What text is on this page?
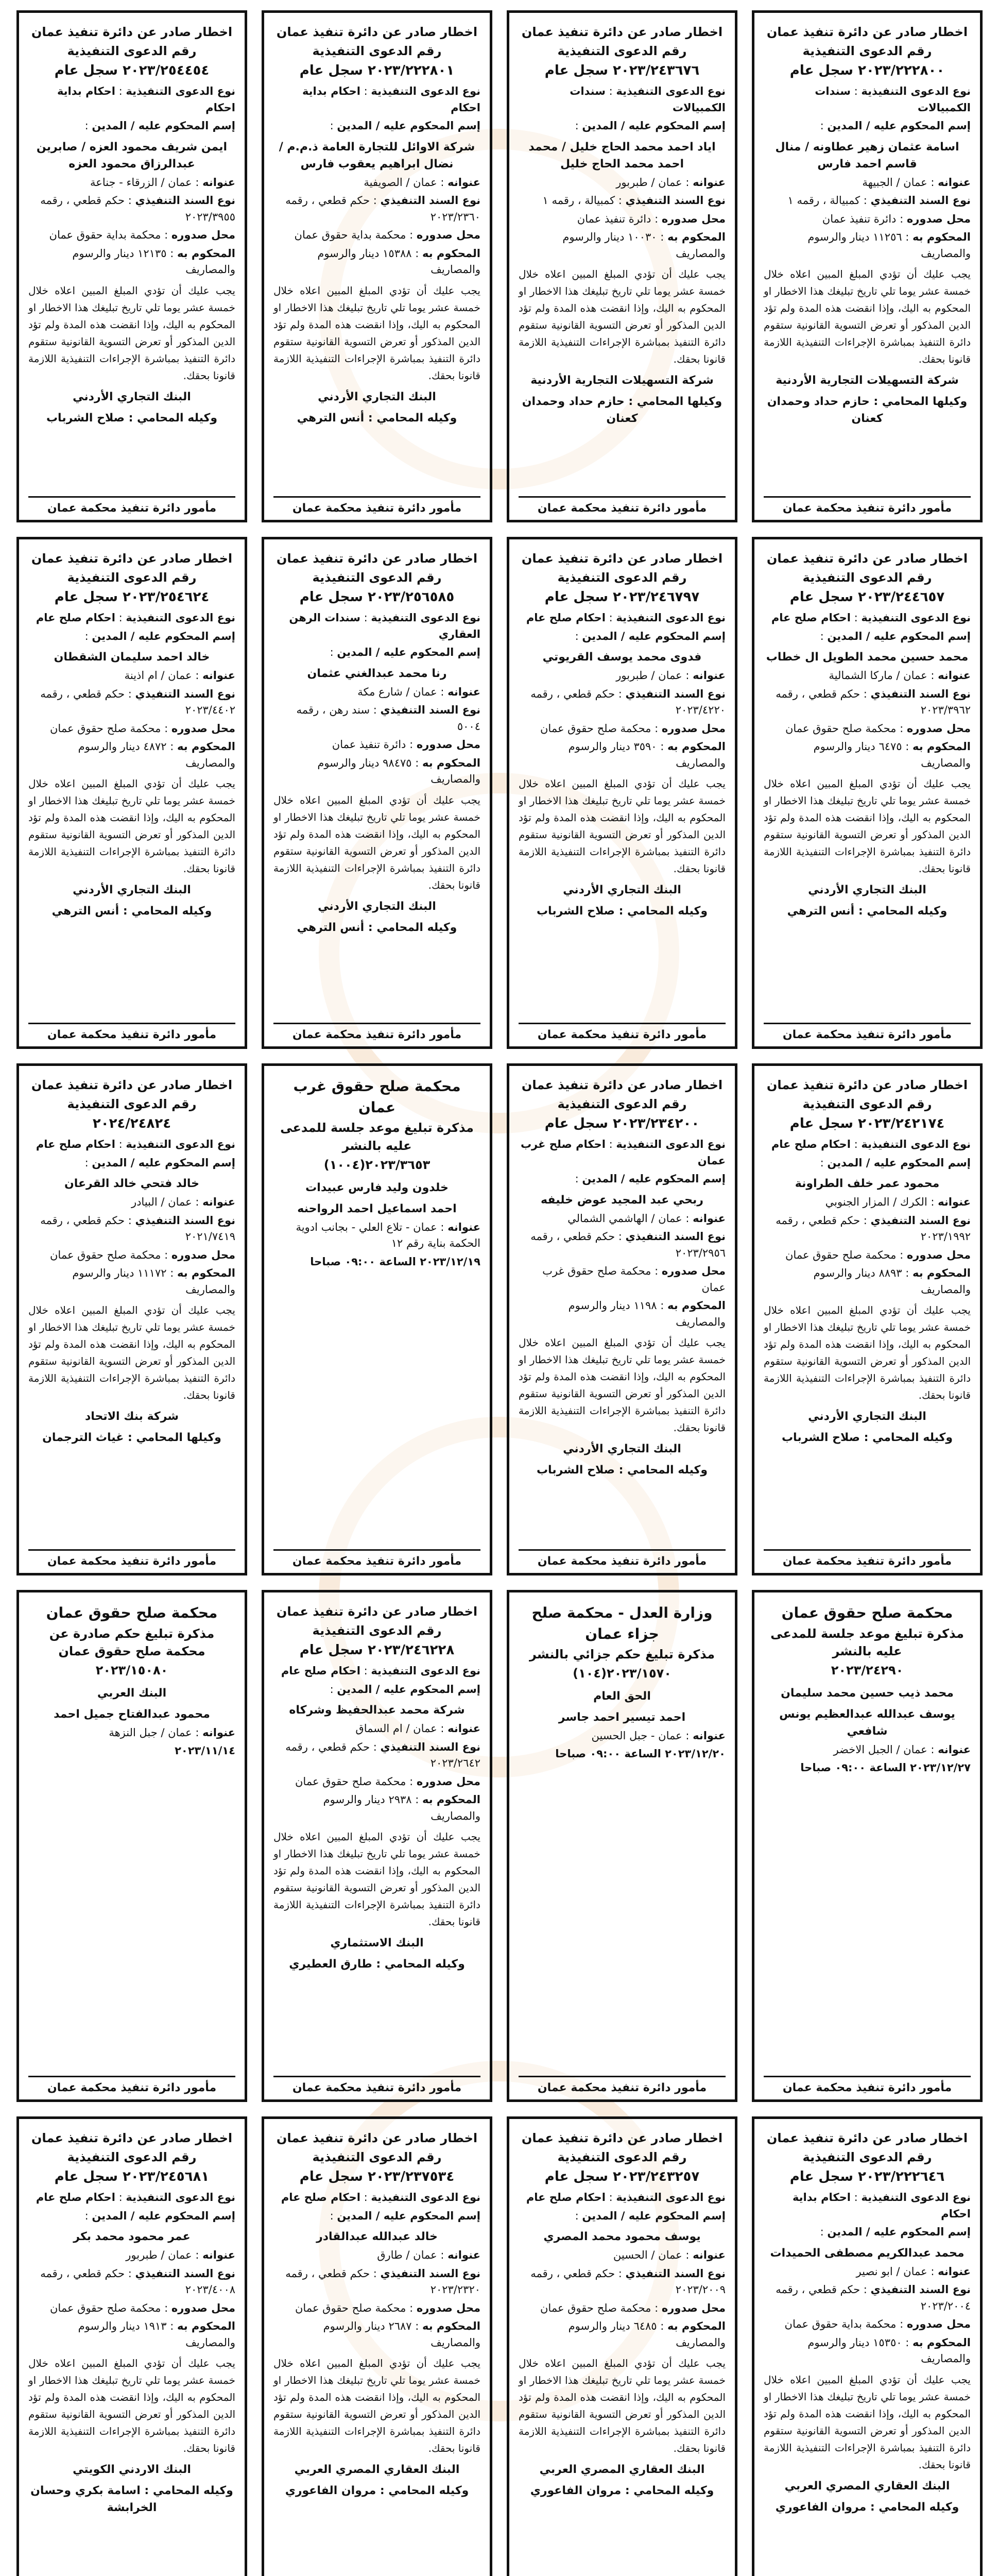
اخطار صادر عن دائرة تنفيذ عمان
رقم الدعوى التنفيذية
٢٠٢٣/٢٢٢٨٠٠ سجل عام
نوع الدعوى التنفيذية : سندات الكمبيالات
إسم المحكوم عليه / المدين :
اسامة عثمان زهير عطاونه / منال قاسم احمد فارس
عنوانه : عمان / الجبيهة
نوع السند التنفيذي : كمبيالة ، رقمه ١
محل صدوره : دائرة تنفيذ عمان
المحكوم به : ١١٢٥٦ دينار والرسوم والمصاريف
يجب عليك أن تؤدي المبلغ المبين اعلاه خلال خمسة عشر يوما تلي تاريخ تبليغك هذا الاخطار او المحكوم به اليك، وإذا انقضت هذه المدة ولم تؤد الدين المذكور أو تعرض التسوية القانونية ستقوم دائرة التنفيذ بمباشرة الإجراءات التنفيذية اللازمة قانونا بحقك.
شركة التسهيلات التجارية الأردنية
وكيلها المحامي : حازم حداد وحمدان كعنان
مأمور دائرة تنفيذ محكمة عمان
اخطار صادر عن دائرة تنفيذ عمان
رقم الدعوى التنفيذية
٢٠٢٣/٢٤٣٦٧٦ سجل عام
نوع الدعوى التنفيذية : سندات الكمبيالات
إسم المحكوم عليه / المدين :
اياد احمد محمد الحاج خليل / محمد احمد محمد الحاج خليل
عنوانه : عمان / طبربور
نوع السند التنفيذي : كمبيالة ، رقمه ١
محل صدوره : دائرة تنفيذ عمان
المحكوم به : ١٠٠٣٠ دينار والرسوم والمصاريف
يجب عليك أن تؤدي المبلغ المبين اعلاه خلال خمسة عشر يوما تلي تاريخ تبليغك هذا الاخطار او المحكوم به اليك، وإذا انقضت هذه المدة ولم تؤد الدين المذكور أو تعرض التسوية القانونية ستقوم دائرة التنفيذ بمباشرة الإجراءات التنفيذية اللازمة قانونا بحقك.
شركة التسهيلات التجارية الأردنية
وكيلها المحامي : حازم حداد وحمدان كعنان
مأمور دائرة تنفيذ محكمة عمان
اخطار صادر عن دائرة تنفيذ عمان
رقم الدعوى التنفيذية
٢٠٢٣/٢٢٢٨٠١ سجل عام
نوع الدعوى التنفيذية : احكام بداية احكام
إسم المحكوم عليه / المدين :
شركة الاوائل للتجارة العامة ذ.م.م / نضال ابراهيم يعقوب فارس
عنوانه : عمان / الصويفية
نوع السند التنفيذي : حكم قطعي ، رقمه ٢٠٢٣/٢٣٦٠
محل صدوره : محكمة بداية حقوق عمان
المحكوم به : ١٥٣٨٨ دينار والرسوم والمصاريف
يجب عليك أن تؤدي المبلغ المبين اعلاه خلال خمسة عشر يوما تلي تاريخ تبليغك هذا الاخطار او المحكوم به اليك، وإذا انقضت هذه المدة ولم تؤد الدين المذكور أو تعرض التسوية القانونية ستقوم دائرة التنفيذ بمباشرة الإجراءات التنفيذية اللازمة قانونا بحقك.
البنك التجاري الأردني
وكيله المحامي : أنس الترهي
مأمور دائرة تنفيذ محكمة عمان
اخطار صادر عن دائرة تنفيذ عمان
رقم الدعوى التنفيذية
٢٠٢٣/٢٥٤٤٥٤ سجل عام
نوع الدعوى التنفيذية : احكام بداية احكام
إسم المحكوم عليه / المدين :
ايمن شريف محمود العزه / صابرين عبدالرزاق محمود العزه
عنوانه : عمان / الزرقاء - جناعة
نوع السند التنفيذي : حكم قطعي ، رقمه ٢٠٢٣/٣٩٥٥
محل صدوره : محكمة بداية حقوق عمان
المحكوم به : ١٢١٣٥ دينار والرسوم والمصاريف
يجب عليك أن تؤدي المبلغ المبين اعلاه خلال خمسة عشر يوما تلي تاريخ تبليغك هذا الاخطار او المحكوم به اليك، وإذا انقضت هذه المدة ولم تؤد الدين المذكور أو تعرض التسوية القانونية ستقوم دائرة التنفيذ بمباشرة الإجراءات التنفيذية اللازمة قانونا بحقك.
البنك التجاري الأردني
وكيله المحامي : صلاح الشرباب
مأمور دائرة تنفيذ محكمة عمان
اخطار صادر عن دائرة تنفيذ عمان
رقم الدعوى التنفيذية
٢٠٢٣/٢٤٤٦٥٧ سجل عام
نوع الدعوى التنفيذية : احكام صلح عام
إسم المحكوم عليه / المدين :
محمد حسين محمد الطويل ال خطاب
عنوانه : عمان / ماركا الشمالية
نوع السند التنفيذي : حكم قطعي ، رقمه ٢٠٢٣/٣٩٦٢
محل صدوره : محكمة صلح حقوق عمان
المحكوم به : ٦٤٧٥ دينار والرسوم والمصاريف
يجب عليك أن تؤدي المبلغ المبين اعلاه خلال خمسة عشر يوما تلي تاريخ تبليغك هذا الاخطار او المحكوم به اليك، وإذا انقضت هذه المدة ولم تؤد الدين المذكور أو تعرض التسوية القانونية ستقوم دائرة التنفيذ بمباشرة الإجراءات التنفيذية اللازمة قانونا بحقك.
البنك التجاري الأردني
وكيله المحامي : أنس الترهي
مأمور دائرة تنفيذ محكمة عمان
اخطار صادر عن دائرة تنفيذ عمان
رقم الدعوى التنفيذية
٢٠٢٣/٢٤٦٧٩٧ سجل عام
نوع الدعوى التنفيذية : احكام صلح عام
إسم المحكوم عليه / المدين :
فدوى محمد يوسف القريوتي
عنوانه : عمان / طبربور
نوع السند التنفيذي : حكم قطعي ، رقمه ٢٠٢٣/٤٢٢٠
محل صدوره : محكمة صلح حقوق عمان
المحكوم به : ٣٥٩٠ دينار والرسوم والمصاريف
يجب عليك أن تؤدي المبلغ المبين اعلاه خلال خمسة عشر يوما تلي تاريخ تبليغك هذا الاخطار او المحكوم به اليك، وإذا انقضت هذه المدة ولم تؤد الدين المذكور أو تعرض التسوية القانونية ستقوم دائرة التنفيذ بمباشرة الإجراءات التنفيذية اللازمة قانونا بحقك.
البنك التجاري الأردني
وكيله المحامي : صلاح الشرباب
مأمور دائرة تنفيذ محكمة عمان
اخطار صادر عن دائرة تنفيذ عمان
رقم الدعوى التنفيذية
٢٠٢٣/٢٥٦٥٨٥ سجل عام
نوع الدعوى التنفيذية : سندات الرهن العقاري
إسم المحكوم عليه / المدين :
رنا محمد عبدالغني عثمان
عنوانه : عمان / شارع مكة
نوع السند التنفيذي : سند رهن ، رقمه ٥٠٠٤
محل صدوره : دائرة تنفيذ عمان
المحكوم به : ٩٨٤٧٥ دينار والرسوم والمصاريف
يجب عليك أن تؤدي المبلغ المبين اعلاه خلال خمسة عشر يوما تلي تاريخ تبليغك هذا الاخطار او المحكوم به اليك، وإذا انقضت هذه المدة ولم تؤد الدين المذكور أو تعرض التسوية القانونية ستقوم دائرة التنفيذ بمباشرة الإجراءات التنفيذية اللازمة قانونا بحقك.
البنك التجاري الأردني
وكيله المحامي : أنس الترهي
مأمور دائرة تنفيذ محكمة عمان
اخطار صادر عن دائرة تنفيذ عمان
رقم الدعوى التنفيذية
٢٠٢٣/٢٥٤٦٢٤ سجل عام
نوع الدعوى التنفيذية : احكام صلح عام
إسم المحكوم عليه / المدين :
خالد احمد سليمان الشقطان
عنوانه : عمان / ام اذينة
نوع السند التنفيذي : حكم قطعي ، رقمه ٢٠٢٣/٤٤٠٢
محل صدوره : محكمة صلح حقوق عمان
المحكوم به : ٤٨٧٢ دينار والرسوم والمصاريف
يجب عليك أن تؤدي المبلغ المبين اعلاه خلال خمسة عشر يوما تلي تاريخ تبليغك هذا الاخطار او المحكوم به اليك، وإذا انقضت هذه المدة ولم تؤد الدين المذكور أو تعرض التسوية القانونية ستقوم دائرة التنفيذ بمباشرة الإجراءات التنفيذية اللازمة قانونا بحقك.
البنك التجاري الأردني
وكيله المحامي : أنس الترهي
مأمور دائرة تنفيذ محكمة عمان
اخطار صادر عن دائرة تنفيذ عمان
رقم الدعوى التنفيذية
٢٠٢٣/٢٤٢١٧٤ سجل عام
نوع الدعوى التنفيذية : احكام صلح عام
إسم المحكوم عليه / المدين :
محمود عمر خلف الطراونة
عنوانه : الكرك / المزار الجنوبي
نوع السند التنفيذي : حكم قطعي ، رقمه ٢٠٢٣/١٩٩٢
محل صدوره : محكمة صلح حقوق عمان
المحكوم به : ٨٨٩٣ دينار والرسوم والمصاريف
يجب عليك أن تؤدي المبلغ المبين اعلاه خلال خمسة عشر يوما تلي تاريخ تبليغك هذا الاخطار او المحكوم به اليك، وإذا انقضت هذه المدة ولم تؤد الدين المذكور أو تعرض التسوية القانونية ستقوم دائرة التنفيذ بمباشرة الإجراءات التنفيذية اللازمة قانونا بحقك.
البنك التجاري الأردني
وكيله المحامي : صلاح الشرباب
مأمور دائرة تنفيذ محكمة عمان
اخطار صادر عن دائرة تنفيذ عمان
رقم الدعوى التنفيذية
٢٠٢٣/٢٣٤٢٠٠ سجل عام
نوع الدعوى التنفيذية : احكام صلح غرب عمان
إسم المحكوم عليه / المدين :
ربحي عبد المجيد عوض خليفه
عنوانه : عمان / الهاشمي الشمالي
نوع السند التنفيذي : حكم قطعي ، رقمه ٢٠٢٣/٢٩٥٦
محل صدوره : محكمة صلح حقوق غرب عمان
المحكوم به : ١١٩٨ دينار والرسوم والمصاريف
يجب عليك أن تؤدي المبلغ المبين اعلاه خلال خمسة عشر يوما تلي تاريخ تبليغك هذا الاخطار او المحكوم به اليك، وإذا انقضت هذه المدة ولم تؤد الدين المذكور أو تعرض التسوية القانونية ستقوم دائرة التنفيذ بمباشرة الإجراءات التنفيذية اللازمة قانونا بحقك.
البنك التجاري الأردني
وكيله المحامي : صلاح الشرباب
مأمور دائرة تنفيذ محكمة عمان
محكمة صلح حقوق غرب عمان
مذكرة تبليغ موعد جلسة للمدعى عليه بالنشر
٢٠٢٣/٣٦٥٣(١٠٠٤)
خلدون وليد فارس عبيدات
احمد اسماعيل احمد الرواحنه
عنوانه : عمان - تلاع العلي - بجانب ادوية الحكمة بناية رقم ١٢
٢٠٢٣/١٢/١٩ الساعة ٠٩:٠٠ صباحا
مأمور دائرة تنفيذ محكمة عمان
اخطار صادر عن دائرة تنفيذ عمان
رقم الدعوى التنفيذية
٢٠٢٤/٢٤٨٢٤
نوع الدعوى التنفيذية : احكام صلح عام
إسم المحكوم عليه / المدين :
خالد فتحي خالد القرعان
عنوانه : عمان / البيادر
نوع السند التنفيذي : حكم قطعي ، رقمه ٢٠٢١/٧٤١٩
محل صدوره : محكمة صلح حقوق عمان
المحكوم به : ١١١٧٢ دينار والرسوم والمصاريف
يجب عليك أن تؤدي المبلغ المبين اعلاه خلال خمسة عشر يوما تلي تاريخ تبليغك هذا الاخطار او المحكوم به اليك، وإذا انقضت هذه المدة ولم تؤد الدين المذكور أو تعرض التسوية القانونية ستقوم دائرة التنفيذ بمباشرة الإجراءات التنفيذية اللازمة قانونا بحقك.
شركة بنك الاتحاد
وكيلها المحامي : غياث الترجمان
مأمور دائرة تنفيذ محكمة عمان
محكمة صلح حقوق عمان
مذكرة تبليغ موعد جلسة للمدعى عليه بالنشر
٢٠٢٣/٢٤٢٩٠
محمد ذيب حسين محمد سليمان
يوسف عبدالله عبدالعظيم يونس شافعي
عنوانه : عمان / الجبل الاخضر
٢٠٢٣/١٢/٢٧ الساعة ٠٩:٠٠ صباحا
مأمور دائرة تنفيذ محكمة عمان
وزارة العدل - محكمة صلح جزاء عمان
مذكرة تبليغ حكم جزائي بالنشر
٢٠٢٣/١٥٧٠(١٠٤)
الحق العام
احمد تيسير احمد جاسر
عنوانه : عمان - جبل الحسين
٢٠٢٣/١٢/٢٠ الساعة ٠٩:٠٠ صباحا
مأمور دائرة تنفيذ محكمة عمان
اخطار صادر عن دائرة تنفيذ عمان
رقم الدعوى التنفيذية
٢٠٢٣/٢٤٦٢٢٨ سجل عام
نوع الدعوى التنفيذية : احكام صلح عام
إسم المحكوم عليه / المدين :
شركة محمد عبدالحفيظ وشركاه
عنوانه : عمان / ام السماق
نوع السند التنفيذي : حكم قطعي ، رقمه ٢٠٢٣/٢٦٤٢
محل صدوره : محكمة صلح حقوق عمان
المحكوم به : ٢٩٣٨ دينار والرسوم والمصاريف
يجب عليك أن تؤدي المبلغ المبين اعلاه خلال خمسة عشر يوما تلي تاريخ تبليغك هذا الاخطار او المحكوم به اليك، وإذا انقضت هذه المدة ولم تؤد الدين المذكور أو تعرض التسوية القانونية ستقوم دائرة التنفيذ بمباشرة الإجراءات التنفيذية اللازمة قانونا بحقك.
البنك الاستثماري
وكيله المحامي : طارق العطيري
مأمور دائرة تنفيذ محكمة عمان
محكمة صلح حقوق عمان
مذكرة تبليغ حكم صادرة عن محكمة صلح حقوق عمان
٢٠٢٣/١٥٠٨٠
البنك العربي
محمود عبدالفتاح جميل احمد
عنوانه : عمان / جبل النزهة
٢٠٢٣/١١/١٤
مأمور دائرة تنفيذ محكمة عمان
اخطار صادر عن دائرة تنفيذ عمان
رقم الدعوى التنفيذية
٢٠٢٣/٢٢٢٦٤٦ سجل عام
نوع الدعوى التنفيذية : احكام بداية احكام
إسم المحكوم عليه / المدين :
محمد عبدالكريم مصطفى الحميدات
عنوانه : عمان / ابو نصير
نوع السند التنفيذي : حكم قطعي ، رقمه ٢٠٢٣/٢٠٠٤
محل صدوره : محكمة بداية حقوق عمان
المحكوم به : ١٥٣٥٠ دينار والرسوم والمصاريف
يجب عليك أن تؤدي المبلغ المبين اعلاه خلال خمسة عشر يوما تلي تاريخ تبليغك هذا الاخطار او المحكوم به اليك، وإذا انقضت هذه المدة ولم تؤد الدين المذكور أو تعرض التسوية القانونية ستقوم دائرة التنفيذ بمباشرة الإجراءات التنفيذية اللازمة قانونا بحقك.
البنك العقاري المصري العربي
وكيله المحامي : مروان الفاعوري
اخطار صادر عن دائرة تنفيذ عمان
رقم الدعوى التنفيذية
٢٠٢٣/٢٤٣٢٥٧ سجل عام
نوع الدعوى التنفيذية : احكام صلح عام
إسم المحكوم عليه / المدين :
يوسف محمود محمد المصري
عنوانه : عمان / الحسين
نوع السند التنفيذي : حكم قطعي ، رقمه ٢٠٢٣/٢٠٠٩
محل صدوره : محكمة صلح حقوق عمان
المحكوم به : ٦٤٨٥ دينار والرسوم والمصاريف
يجب عليك أن تؤدي المبلغ المبين اعلاه خلال خمسة عشر يوما تلي تاريخ تبليغك هذا الاخطار او المحكوم به اليك، وإذا انقضت هذه المدة ولم تؤد الدين المذكور أو تعرض التسوية القانونية ستقوم دائرة التنفيذ بمباشرة الإجراءات التنفيذية اللازمة قانونا بحقك.
البنك العقاري المصري العربي
وكيله المحامي : مروان الفاعوري
اخطار صادر عن دائرة تنفيذ عمان
رقم الدعوى التنفيذية
٢٠٢٣/٢٣٧٥٣٤ سجل عام
نوع الدعوى التنفيذية : احكام صلح عام
إسم المحكوم عليه / المدين :
خالد عبدالله عبدالقادر
عنوانه : عمان / طارق
نوع السند التنفيذي : حكم قطعي ، رقمه ٢٠٢٣/٢٣٢٠
محل صدوره : محكمة صلح حقوق عمان
المحكوم به : ٢٦٨٧ دينار والرسوم والمصاريف
يجب عليك أن تؤدي المبلغ المبين اعلاه خلال خمسة عشر يوما تلي تاريخ تبليغك هذا الاخطار او المحكوم به اليك، وإذا انقضت هذه المدة ولم تؤد الدين المذكور أو تعرض التسوية القانونية ستقوم دائرة التنفيذ بمباشرة الإجراءات التنفيذية اللازمة قانونا بحقك.
البنك العقاري المصري العربي
وكيله المحامي : مروان الفاعوري
اخطار صادر عن دائرة تنفيذ عمان
رقم الدعوى التنفيذية
٢٠٢٣/٢٤٥٦٨١ سجل عام
نوع الدعوى التنفيذية : احكام صلح عام
إسم المحكوم عليه / المدين :
عمر محمود محمد بكر
عنوانه : عمان / طبربور
نوع السند التنفيذي : حكم قطعي ، رقمه ٢٠٢٣/٤٠٠٨
محل صدوره : محكمة صلح حقوق عمان
المحكوم به : ١٩١٣ دينار والرسوم والمصاريف
يجب عليك أن تؤدي المبلغ المبين اعلاه خلال خمسة عشر يوما تلي تاريخ تبليغك هذا الاخطار او المحكوم به اليك، وإذا انقضت هذه المدة ولم تؤد الدين المذكور أو تعرض التسوية القانونية ستقوم دائرة التنفيذ بمباشرة الإجراءات التنفيذية اللازمة قانونا بحقك.
البنك الاردني الكويتي
وكيله المحامي : اسامة بكري وحسان الخرابشة
